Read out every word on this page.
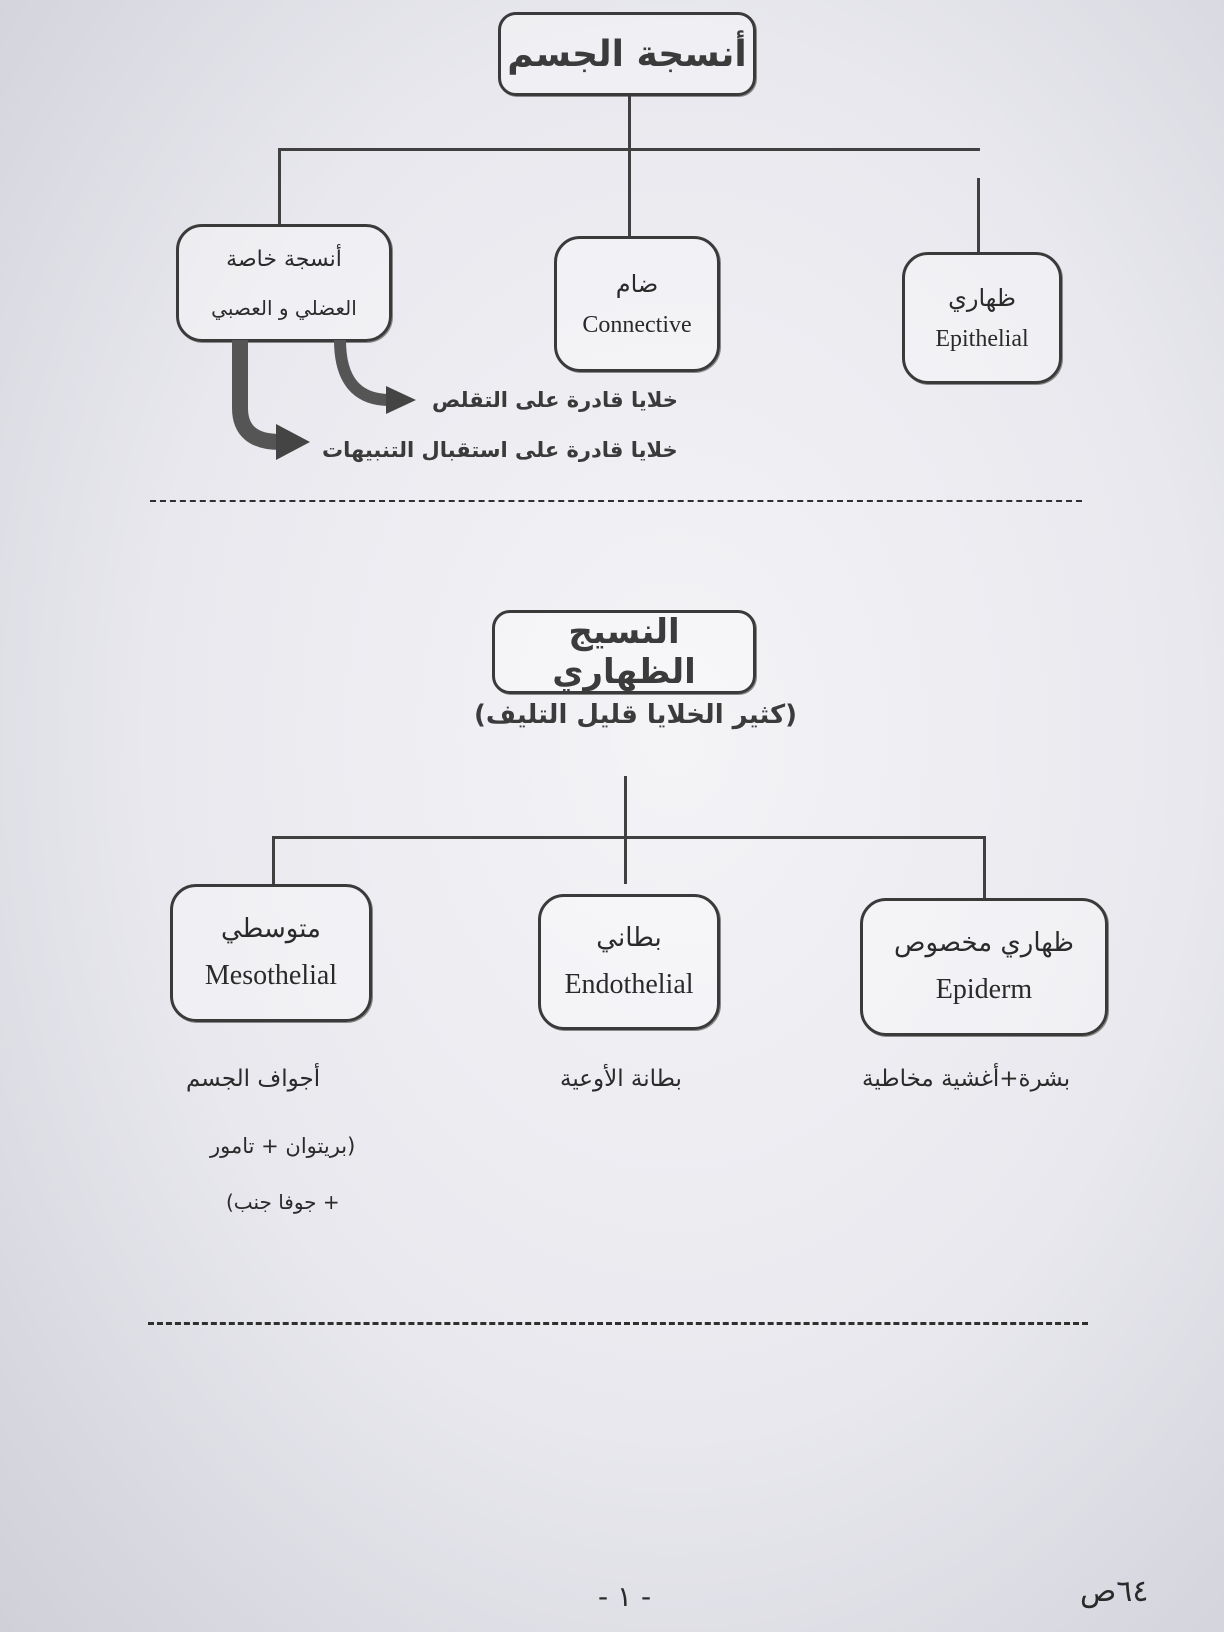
أنسجة الجسم
ظهاري
Epithelial
ضام
Connective
أنسجة خاصة
العضلي و العصبي
خلايا قادرة على التقلص
خلايا قادرة على استقبال التنبيهات
النسيج الظهاري
(كثير الخلايا قليل التليف)
ظهاري مخصوص
Epiderm
بطاني
Endothelial
متوسطي
Mesothelial
بشرة+أغشية مخاطية
بطانة الأوعية
أجواف الجسم
(بريتوان + تامور
+ جوفا جنب)
- ١ -	٦٤ص
